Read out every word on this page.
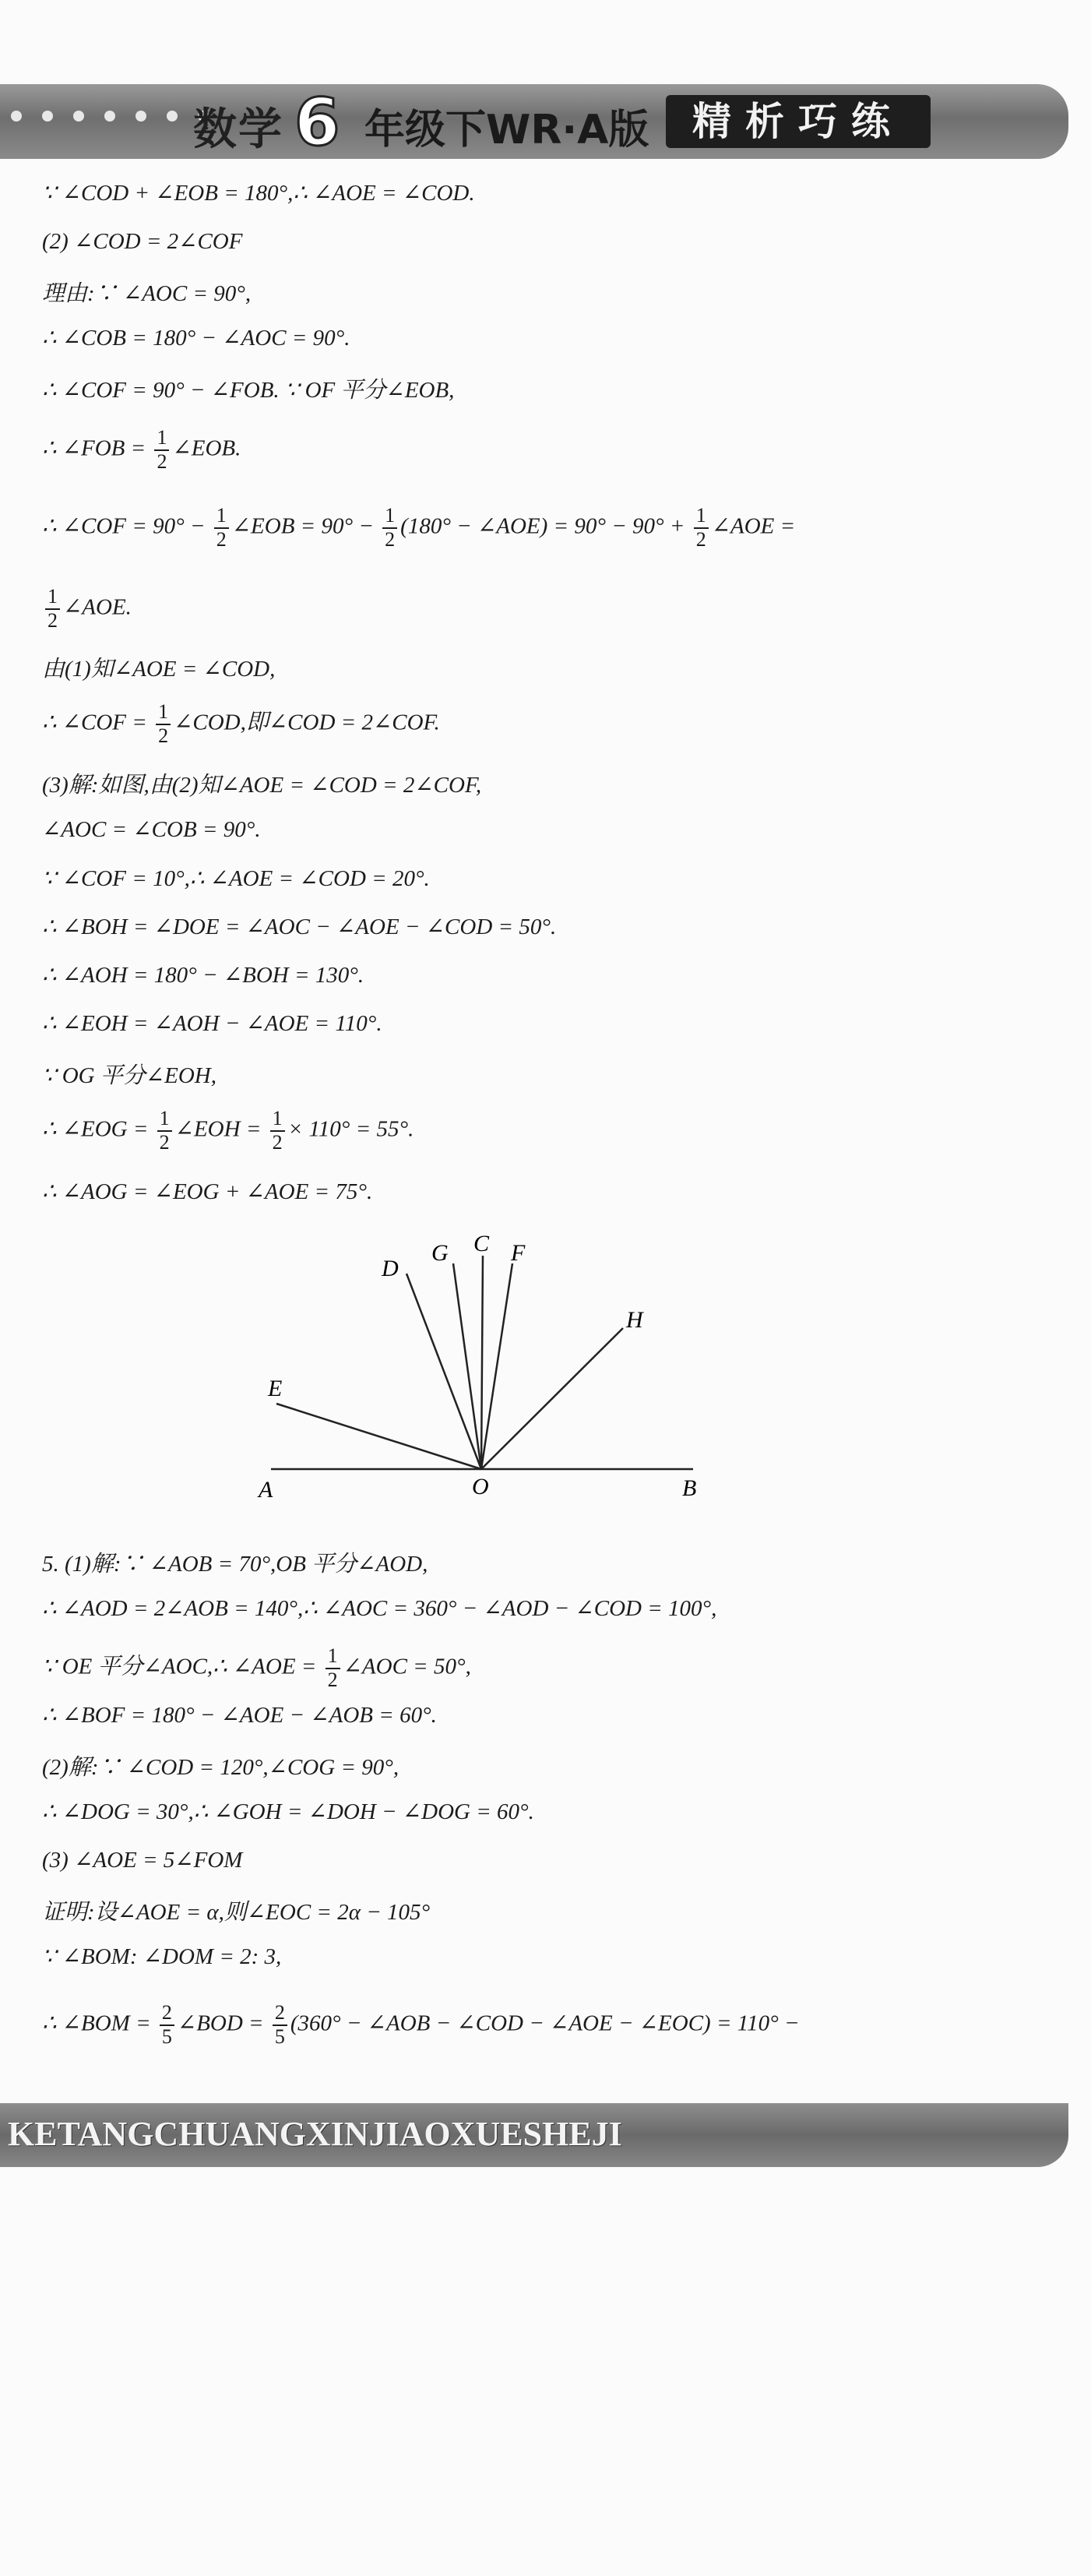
数学 6 年级下WR·A版	精析巧练
∵ ∠COD + ∠EOB = 180°,∴ ∠AOE = ∠COD.
(2) ∠COD = 2∠COF
理由:∵ ∠AOC = 90°,
∴ ∠COB = 180° − ∠AOC = 90°.
∴ ∠COF = 90° − ∠FOB. ∵ OF 平分∠EOB,
∴ ∠FOB = $\frac{1}{2}$ ∠EOB.
∴ ∠COF = $90^\circ - \frac{1}{2}$ ∠EOB = $90^\circ - \frac{1}{2} (180^\circ$ − ∠AOE) = $90^\circ - 90^\circ + \frac{1}{2}$ ∠AOE =
$\frac{1}{2}$ ∠AOE.
由(1)知∠AOE = ∠COD,
∴ ∠COF = $\frac{1}{2}$ ∠COD,即∠COD = 2∠COF.
(3)解:如图,由(2)知∠AOE = ∠COD = 2∠COF,
∠AOC = ∠COB = 90°.
∵ ∠COF = 10°,∴ ∠AOE = ∠COD = 20°.
∴ ∠BOH = ∠DOE = ∠AOC − ∠AOE − ∠COD = 50°.
∴ ∠AOH = 180° − ∠BOH = 130°.
∴ ∠EOH = ∠AOH − ∠AOE = 110°.
∵ OG 平分∠EOH,
∴ ∠EOG = $\frac{1}{2}$ ∠EOH = $\frac{1}{2} \times 110^\circ = 55^\circ$.
∴ ∠AOG = ∠EOG + ∠AOE = 75°.
5. (1)解:∵ ∠AOB = 70°,OB 平分∠AOD,
∴ ∠AOD = 2∠AOB = 140°,∴ ∠AOC = 360° − ∠AOD − ∠COD = 100°,
∵ OE 平分∠AOC,∴ ∠AOE = $\frac{1}{2}$ ∠AOC = 50°,
∴ ∠BOF = 180° − ∠AOE − ∠AOB = 60°.
(2)解:∵ ∠COD = 120°,∠COG = 90°,
∴ ∠DOG = 30°,∴ ∠GOH = ∠DOH − ∠DOG = 60°.
(3) ∠AOE = 5∠FOM
证明:设∠AOE = α,则∠EOC = 2α − 105°
∵ ∠BOM: ∠DOM = 2: 3,
∴ ∠BOM = $\frac{2}{5}$ ∠BOD = $\frac{2}{5} (360^\circ$ − ∠AOB − ∠COD − ∠AOE − ∠EOC) = 110° −
A	O	B
E
D
G C F
H
KETANGCHUANGXINJIAOXUESHEJI
